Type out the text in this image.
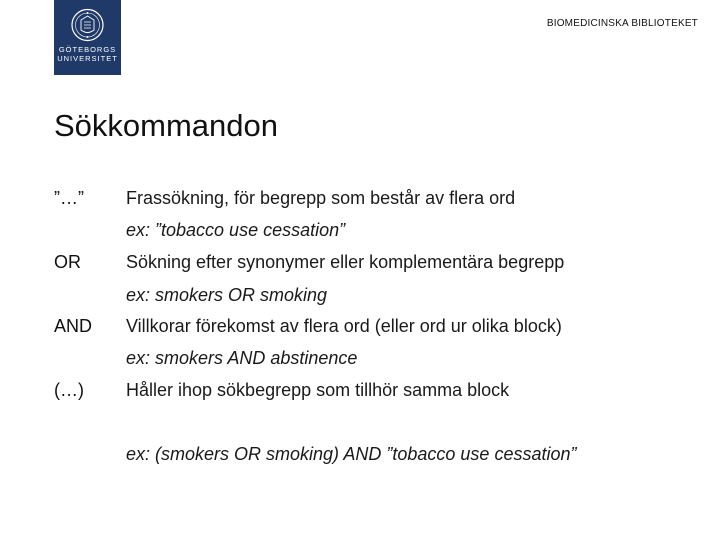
GÖTEBORGS
UNIVERSITET
BIOMEDICINSKA BIBLIOTEKET
Sökkommandon
”…” Frassökning, för begrepp som består av flera ord
ex: ”tobacco use cessation”
OR	Sökning efter synonymer eller komplementära begrepp
ex: smokers OR smoking
AND Villkorar förekomst av flera ord (eller ord ur olika block)
ex: smokers AND abstinence
(…) Håller ihop sökbegrepp som tillhör samma block
ex: (smokers OR smoking) AND ”tobacco use cessation”
